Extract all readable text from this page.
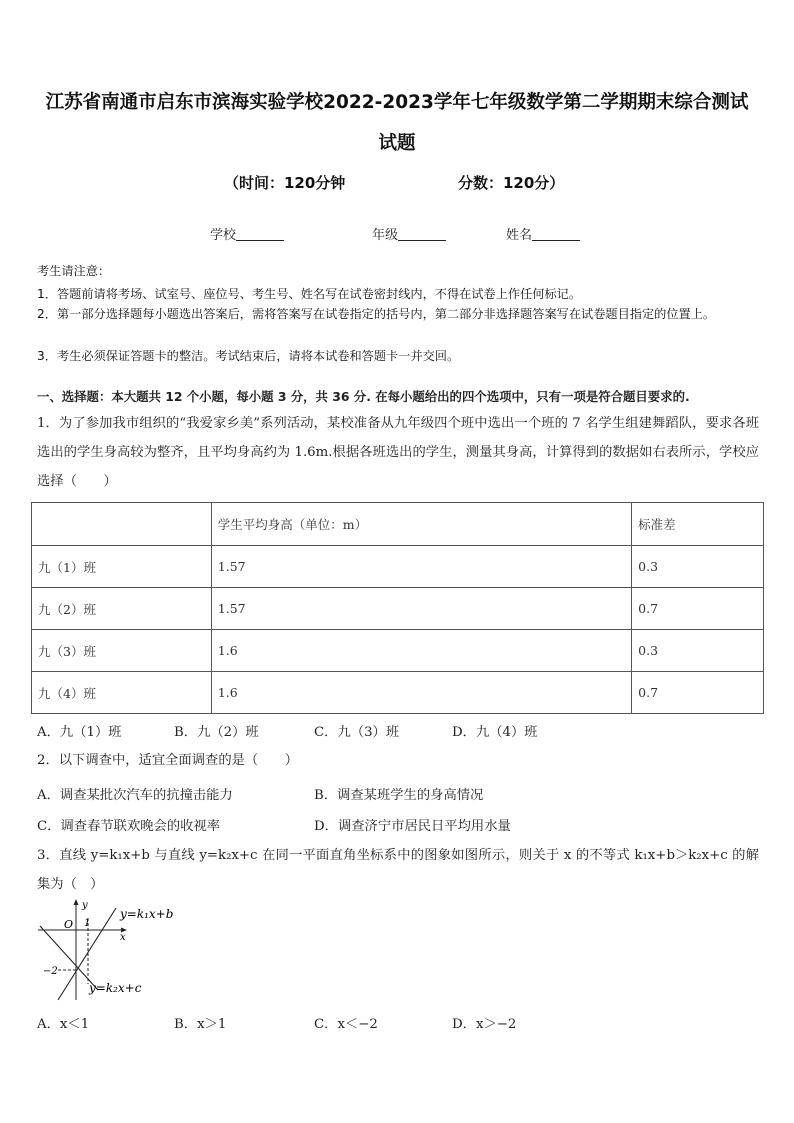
江苏省南通市启东市滨海实验学校2022-2023学年七年级数学第二学期期末综合测试
试题
（时间：120分钟	分数：120分）
学校	年级	姓名
考生请注意：
1．答题前请将考场、试室号、座位号、考生号、姓名写在试卷密封线内，不得在试卷上作任何标记。
2．第一部分选择题每小题选出答案后，需将答案写在试卷指定的括号内，第二部分非选择题答案写在试卷题目指定的位置上。
3．考生必须保证答题卡的整洁。考试结束后，请将本试卷和答题卡一并交回。
一、选择题：本大题共 12 个小题，每小题 3 分，共 36 分. 在每小题给出的四个选项中，只有一项是符合题目要求的.
1．为了参加我市组织的“我爱家乡美”系列活动，某校准备从九年级四个班中选出一个班的 7 名学生组建舞蹈队，要求各班选出的学生身高较为整齐，且平均身高约为 1.6m.根据各班选出的学生，测量其身高，计算得到的数据如右表所示，学校应选择（　　）
	学生平均身高（单位：m）	标准差
九（1）班	1.57	0.3
九（2）班	1.57	0.7
九（3）班	1.6	0.3
九（4）班	1.6	0.7
A．九（1）班	B．九（2）班	C．九（3）班	D．九（4）班
2．以下调查中，适宜全面调查的是（　　）
A．调查某批次汽车的抗撞击能力	B．调查某班学生的身高情况
C．调查春节联欢晚会的收视率	D．调查济宁市居民日平均用水量
3．直线 y=k₁x+b 与直线 y=k₂x+c 在同一平面直角坐标系中的图象如图所示，则关于 x 的不等式 k₁x+b＞k₂x+c 的解集为（　）
y
x
O 1
−2
y=k₁x+b
y=k₂x+c
A．x＜1	B．x＞1	C．x＜−2	D．x＞−2
